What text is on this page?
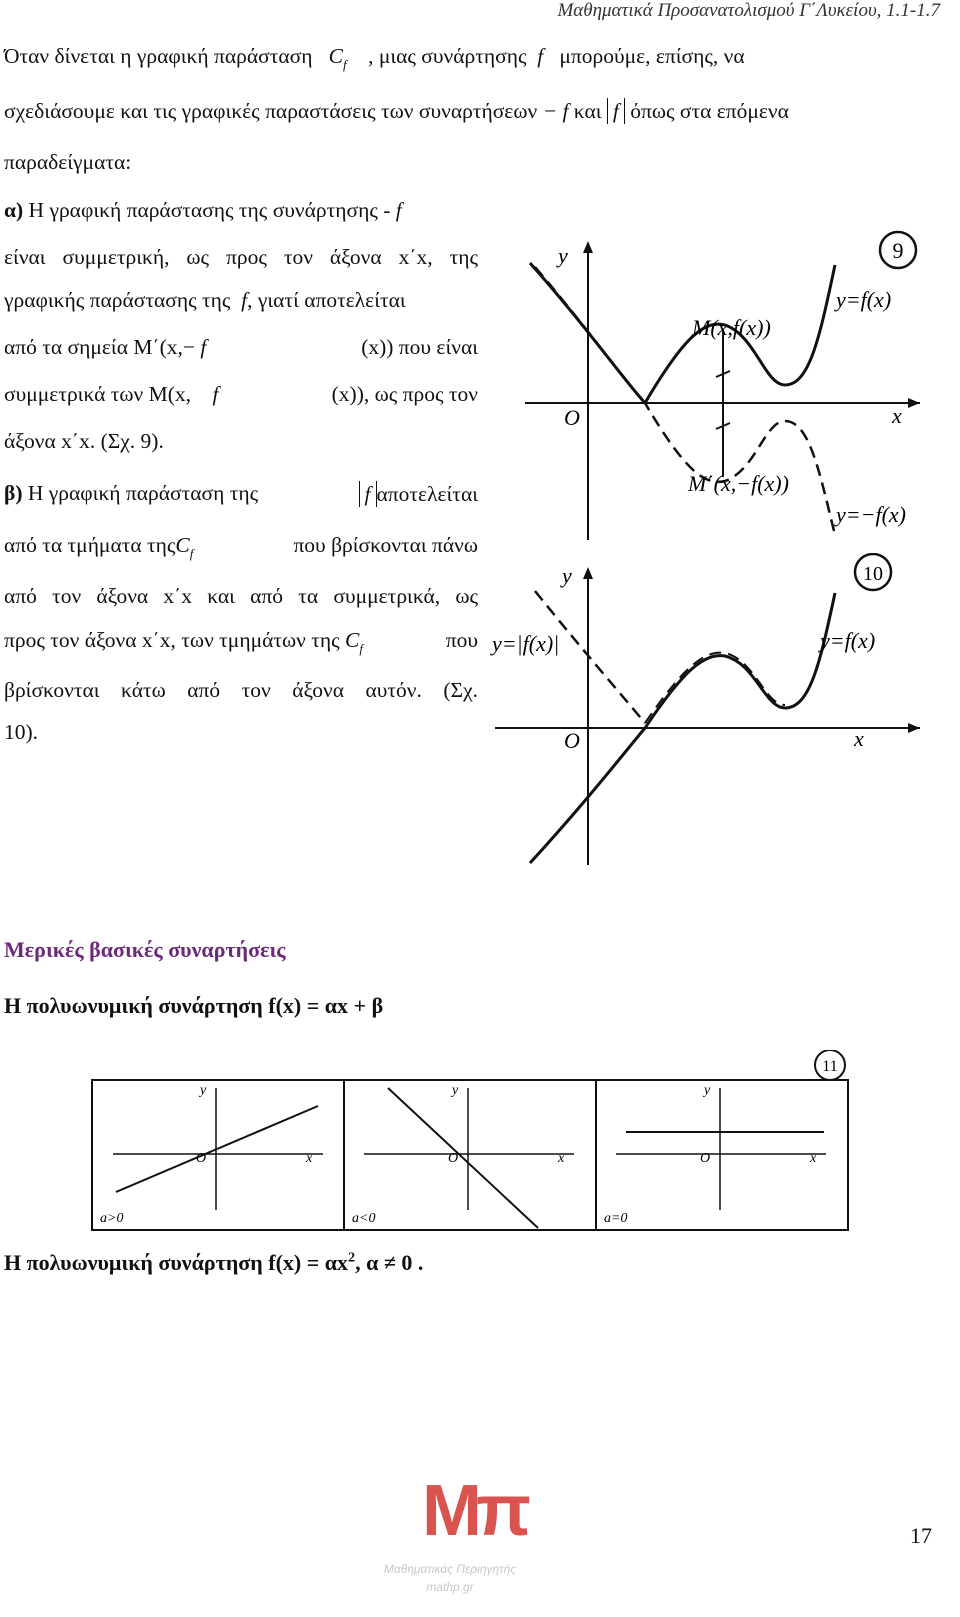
Μαθηματικά Προσανατολισμού Γ΄Λυκείου, 1.1-1.7
Όταν δίνεται η γραφική παράσταση $C_f$ , μιας συνάρτησης f μπορούμε, επίσης, να
σχεδιάσουμε και τις γραφικές παραστάσεις των συναρτήσεων − f και f όπως στα επόμενα
παραδείγματα:
α) Η γραφική παράστασης της συνάρτησης - f
είναι συμμετρική, ως προς τον άξονα x΄x, της
γραφικής παράστασης της f, γιατί αποτελείται
από τα σημεία Μ΄(x,− f	(x)) που είναι
συμμετρικά των Μ(x, f	(x)), ως προς τον
άξονα x΄x. (Σχ. 9).
β) Η γραφική παράσταση της	f αποτελείται
από τα τμήματα τηςC$_f$	που βρίσκονται πάνω
από τον άξονα x΄x και από τα συμμετρικά, ως
προς τον άξονα x΄x, των τμημάτων της $C_f$	που
βρίσκονται κάτω από τον άξονα αυτόν. (Σχ.
10).
y
x
O
M(x,f(x))
M΄(x,−f(x))
y=f(x)
y=−f(x)
9
y
x
O
y=|f(x)|	y=f(x)
10
Μερικές βασικές συναρτήσεις
Η πολυωνυμική συνάρτηση f(x) = αx + β
11
y
x
O
a>0
y
x
O
a<0
y
x
O
a=0
Η πολυωνυμική συνάρτηση $f(x) = \alpha x^2$, α ≠ 0 .
Μπ
Μαθηματικάς Περιηγητής
mathp.gr
17
